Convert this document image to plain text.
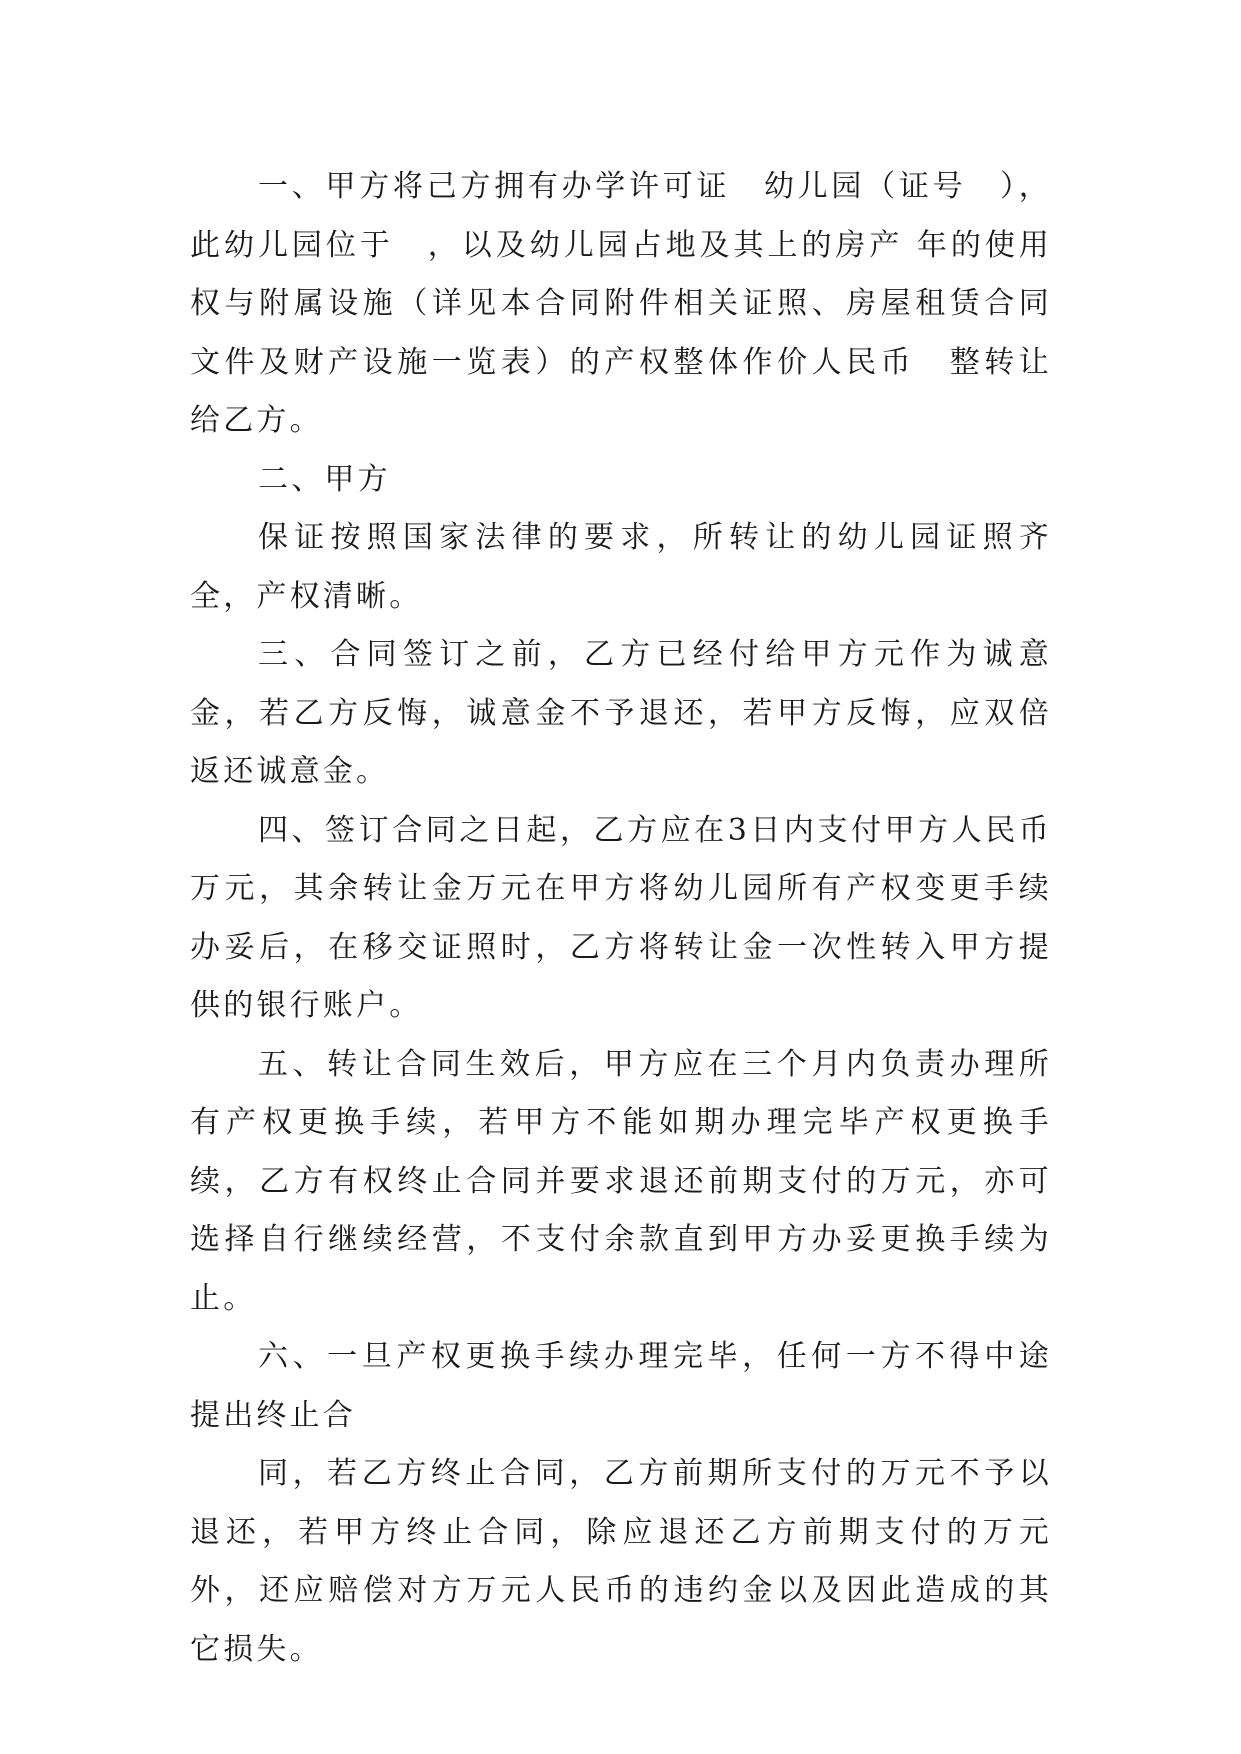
一、甲方将己方拥有办学许可证　幼儿园（证号　），此幼儿园位于　，以及幼儿园占地及其上的房产 年的使用权与附属设施（详见本合同附件相关证照、房屋租赁合同文件及财产设施一览表）的产权整体作价人民币　整转让给乙方。

二、甲方

保证按照国家法律的要求，所转让的幼儿园证照齐全，产权清晰。

三、合同签订之前，乙方已经付给甲方元作为诚意金，若乙方反悔，诚意金不予退还，若甲方反悔，应双倍返还诚意金。

四、签订合同之日起，乙方应在3日内支付甲方人民币万元，其余转让金万元在甲方将幼儿园所有产权变更手续办妥后，在移交证照时，乙方将转让金一次性转入甲方提供的银行账户。

五、转让合同生效后，甲方应在三个月内负责办理所有产权更换手续，若甲方不能如期办理完毕产权更换手续，乙方有权终止合同并要求退还前期支付的万元，亦可选择自行继续经营，不支付余款直到甲方办妥更换手续为止。

六、一旦产权更换手续办理完毕，任何一方不得中途提出终止合

同，若乙方终止合同，乙方前期所支付的万元不予以退还，若甲方终止合同，除应退还乙方前期支付的万元外，还应赔偿对方万元人民币的违约金以及因此造成的其它损失。
